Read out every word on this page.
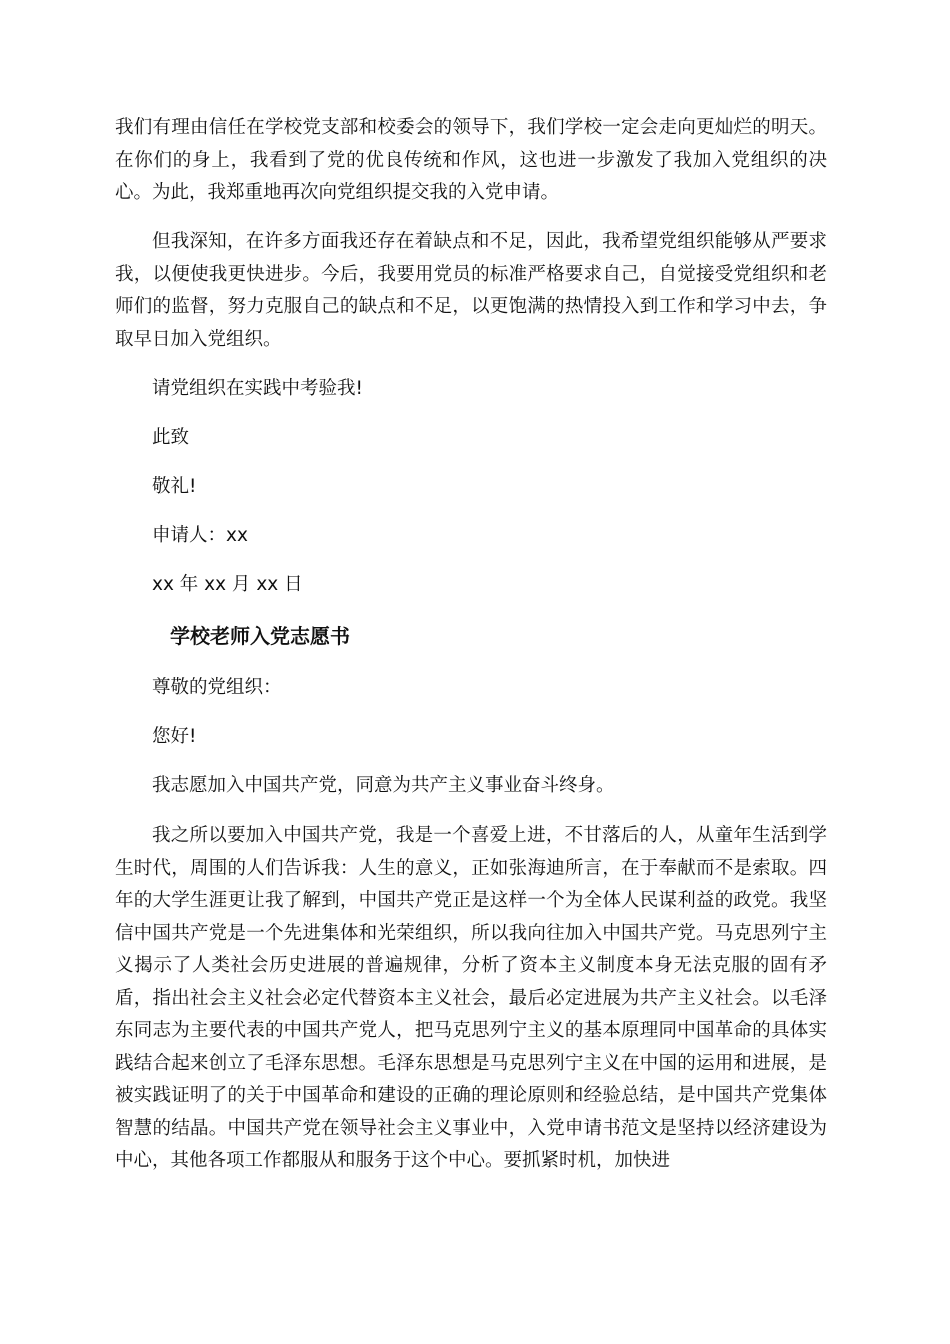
我们有理由信任在学校党支部和校委会的领导下，我们学校一定会走向更灿烂的明天。在你们的身上，我看到了党的优良传统和作风，这也进一步激发了我加入党组织的决心。为此，我郑重地再次向党组织提交我的入党申请。

但我深知，在许多方面我还存在着缺点和不足，因此，我希望党组织能够从严要求我，以便使我更快进步。今后，我要用党员的标准严格要求自己，自觉接受党组织和老师们的监督，努力克服自己的缺点和不足，以更饱满的热情投入到工作和学习中去，争取早日加入党组织。

请党组织在实践中考验我!

此致

敬礼!

申请人：xx

xx 年 xx 月 xx 日

学校老师入党志愿书

尊敬的党组织：

您好!

我志愿加入中国共产党，同意为共产主义事业奋斗终身。

我之所以要加入中国共产党，我是一个喜爱上进，不甘落后的人，从童年生活到学生时代，周围的人们告诉我：人生的意义，正如张海迪所言，在于奉献而不是索取。四年的大学生涯更让我了解到，中国共产党正是这样一个为全体人民谋利益的政党。我坚信中国共产党是一个先进集体和光荣组织，所以我向往加入中国共产党。马克思列宁主义揭示了人类社会历史进展的普遍规律，分析了资本主义制度本身无法克服的固有矛盾，指出社会主义社会必定代替资本主义社会，最后必定进展为共产主义社会。以毛泽东同志为主要代表的中国共产党人，把马克思列宁主义的基本原理同中国革命的具体实践结合起来创立了毛泽东思想。毛泽东思想是马克思列宁主义在中国的运用和进展，是被实践证明了的关于中国革命和建设的正确的理论原则和经验总结，是中国共产党集体智慧的结晶。中国共产党在领导社会主义事业中，入党申请书范文是坚持以经济建设为中心，其他各项工作都服从和服务于这个中心。要抓紧时机，加快进
